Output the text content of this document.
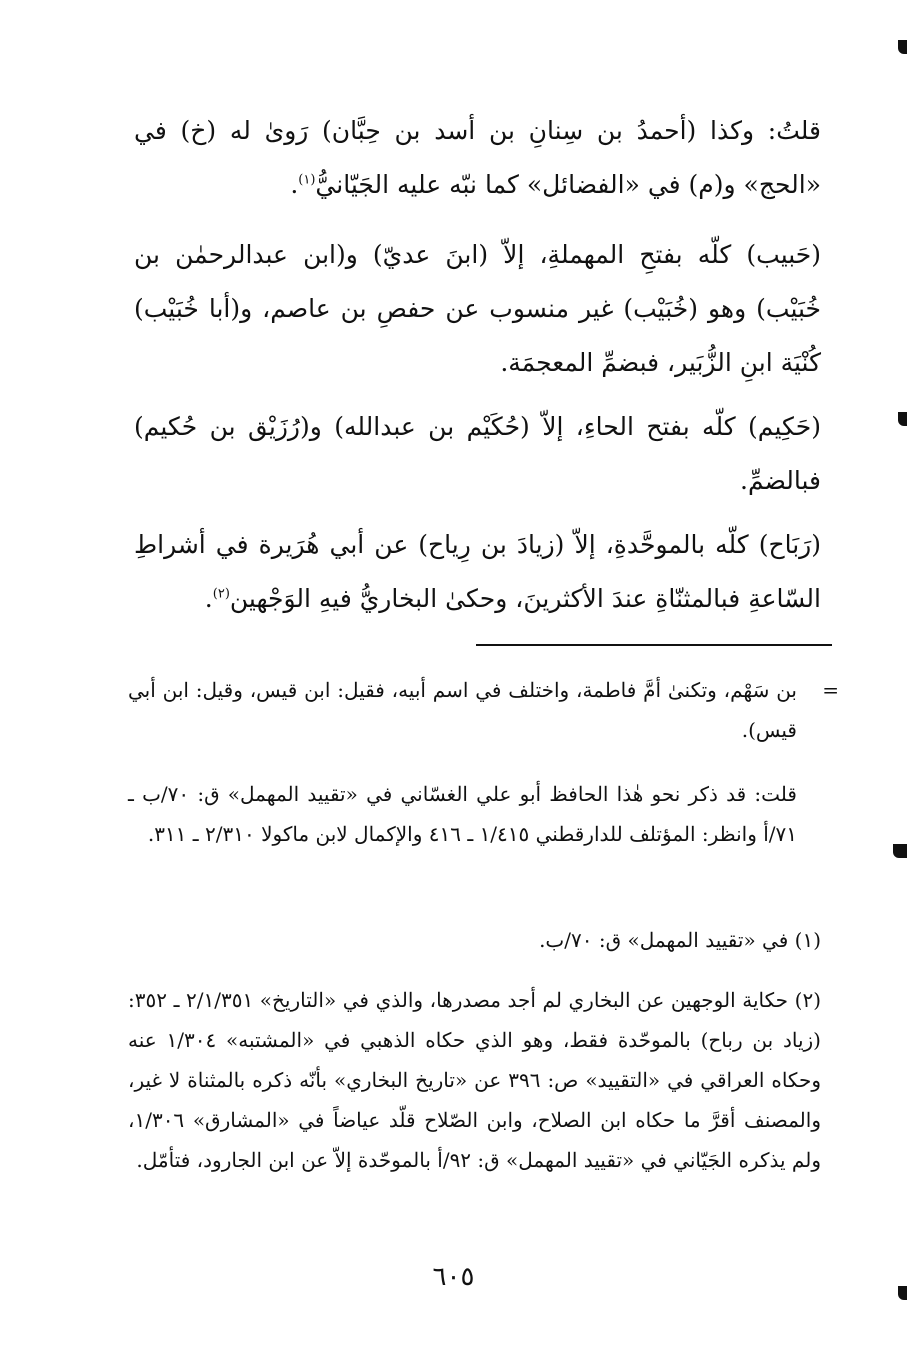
قلتُ: وكذا (أحمدُ بن سِنانِ بن أسد بن حِبَّان) رَوىٰ له (خ) في «الحج» و(م) في «الفضائل» كما نبّه عليه الجَيّانيُّ$^{(١)}$.
(حَبيب) كلّه بفتحِ المهملةِ، إلاّ (ابنَ عديّ) و(ابن عبدالرحمٰن بن خُبَيْب) وهو (خُبَيْب) غير منسوب عن حفصِ بن عاصم، و(أبا خُبَيْب) كُنْيَة ابنِ الزُّبَير، فبضمِّ المعجمَة.
(حَكِيم) كلّه بفتح الحاءِ، إلاّ (حُكَيْم بن عبدالله) و(رُزَيْق بن حُكيم) فبالضمِّ.
(رَبَاح) كلّه بالموحَّدةِ، إلاّ (زيادَ بن رِياح) عن أبي هُرَيرة في أشراطِ السّاعةِ فبالمثنّاةِ عندَ الأكثرينَ، وحكىٰ البخاريُّ فيهِ الوَجْهين$^{(٢)}$.
=
بن سَهْم، وتكنىٰ أمَّ فاطمة، واختلف في اسم أبيه، فقيل: ابن قيس، وقيل: ابن أبي قيس).
قلت: قد ذكر نحو هٰذا الحافظ أبو علي الغسّاني في «تقييد المهمل» ق: ٧٠/ب ـ ٧١/أ وانظر: المؤتلف للدارقطني ١/٤١٥ ـ ٤١٦ والإكمال لابن ماكولا ٢/٣١٠ ـ ٣١١.
(١) في «تقييد المهمل» ق: ٧٠/ب.
(٢) حكاية الوجهين عن البخاري لم أجد مصدرها، والذي في «التاريخ» ٢/١/٣٥١ ـ ٣٥٢: (زياد بن رباح) بالموحّدة فقط، وهو الذي حكاه الذهبي في «المشتبه» ١/٣٠٤ عنه وحكاه العراقي في «التقييد» ص: ٣٩٦ عن «تاريخ البخاري» بأنّه ذكره بالمثناة لا غير، والمصنف أقرَّ ما حكاه ابن الصلاح، وابن الصّلاح قلّد عياضاً في «المشارق» ١/٣٠٦، ولم يذكره الجَيّاني في «تقييد المهمل» ق: ٩٢/أ بالموحّدة إلاّ عن ابن الجارود، فتأمّل.
٦٠٥
